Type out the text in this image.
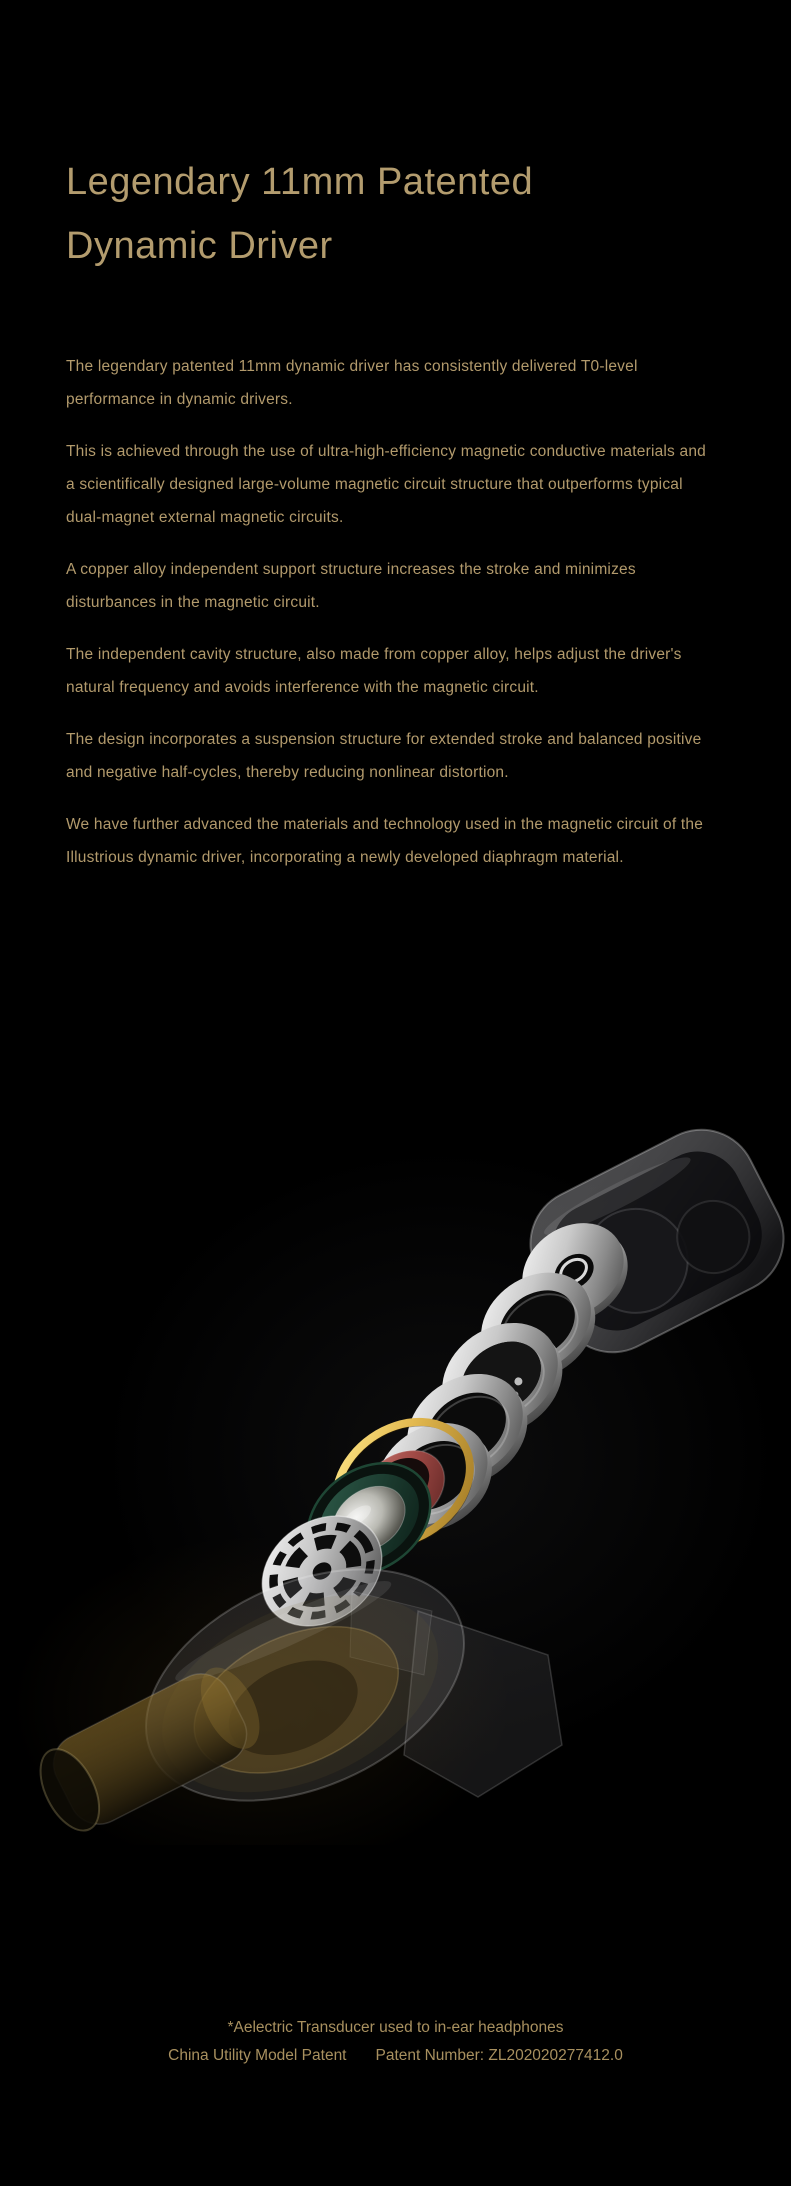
Legendary 11mm Patented
Dynamic Driver

The legendary patented 11mm dynamic driver has consistently delivered T0-level performance in dynamic drivers.

This is achieved through the use of ultra-high-efficiency magnetic conductive materials and a scientifically designed large-volume magnetic circuit structure that outperforms typical dual-magnet external magnetic circuits.

A copper alloy independent support structure increases the stroke and minimizes disturbances in the magnetic circuit.

The independent cavity structure, also made from copper alloy, helps adjust the driver's natural frequency and avoids interference with the magnetic circuit.

The design incorporates a suspension structure for extended stroke and balanced positive and negative half-cycles, thereby reducing nonlinear distortion.

We have further advanced the materials and technology used in the magnetic circuit of the Illustrious dynamic driver, incorporating a newly developed diaphragm material.

*Aelectric Transducer used to in-ear headphones

China Utility Model Patent Patent Number: ZL202020277412.0
